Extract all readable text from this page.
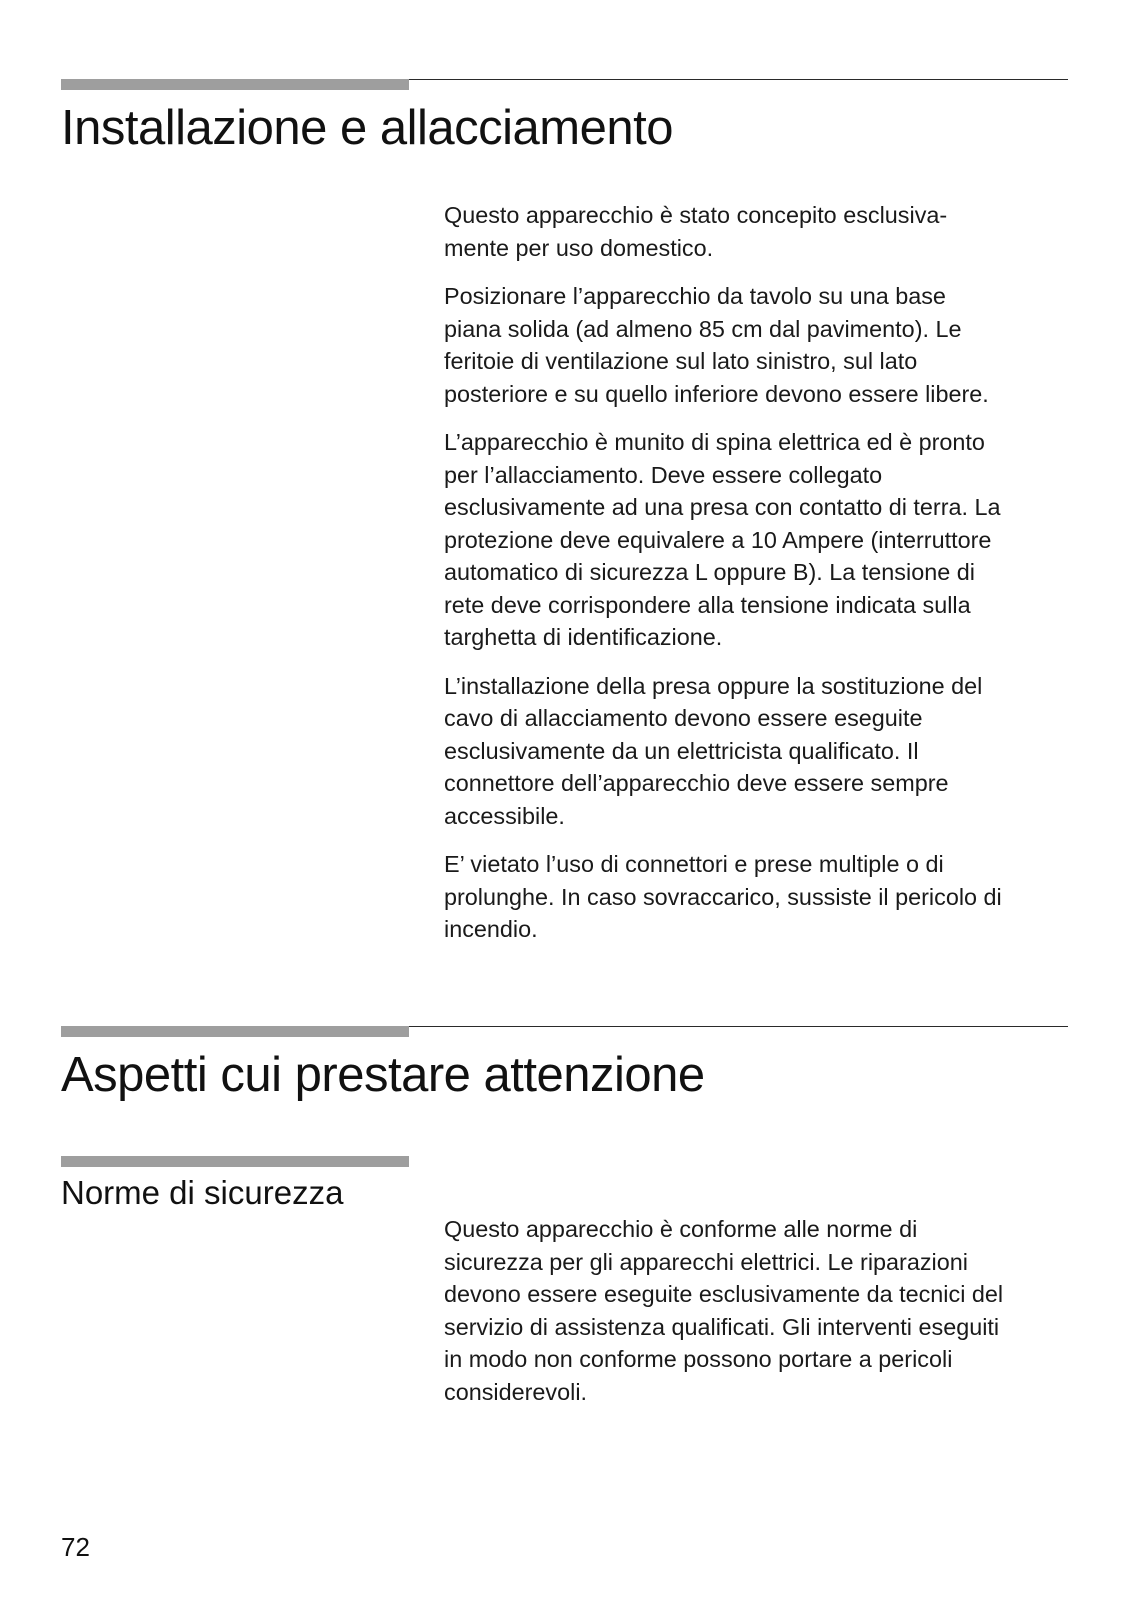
Installazione e allacciamento

Questo apparecchio è stato concepito esclusiva-
mente per uso domestico.

Posizionare l’apparecchio da tavolo su una base
piana solida (ad almeno 85 cm dal pavimento). Le
feritoie di ventilazione sul lato sinistro, sul lato
posteriore e su quello inferiore devono essere libere.

L’apparecchio è munito di spina elettrica ed è pronto
per l’allacciamento. Deve essere collegato
esclusivamente ad una presa con contatto di terra. La
protezione deve equivalere a 10 Ampere (interruttore
automatico di sicurezza L oppure B). La tensione di
rete deve corrispondere alla tensione indicata sulla
targhetta di identificazione.

L’installazione della presa oppure la sostituzione del
cavo di allacciamento devono essere eseguite
esclusivamente da un elettricista qualificato. Il
connettore dell’apparecchio deve essere sempre
accessibile.

E’ vietato l’uso di connettori e prese multiple o di
prolunghe. In caso sovraccarico, sussiste il pericolo di
incendio.

Aspetti cui prestare attenzione
Norme di sicurezza

Questo apparecchio è conforme alle norme di
sicurezza per gli apparecchi elettrici. Le riparazioni
devono essere eseguite esclusivamente da tecnici del
servizio di assistenza qualificati. Gli interventi eseguiti
in modo non conforme possono portare a pericoli
considerevoli.

72
